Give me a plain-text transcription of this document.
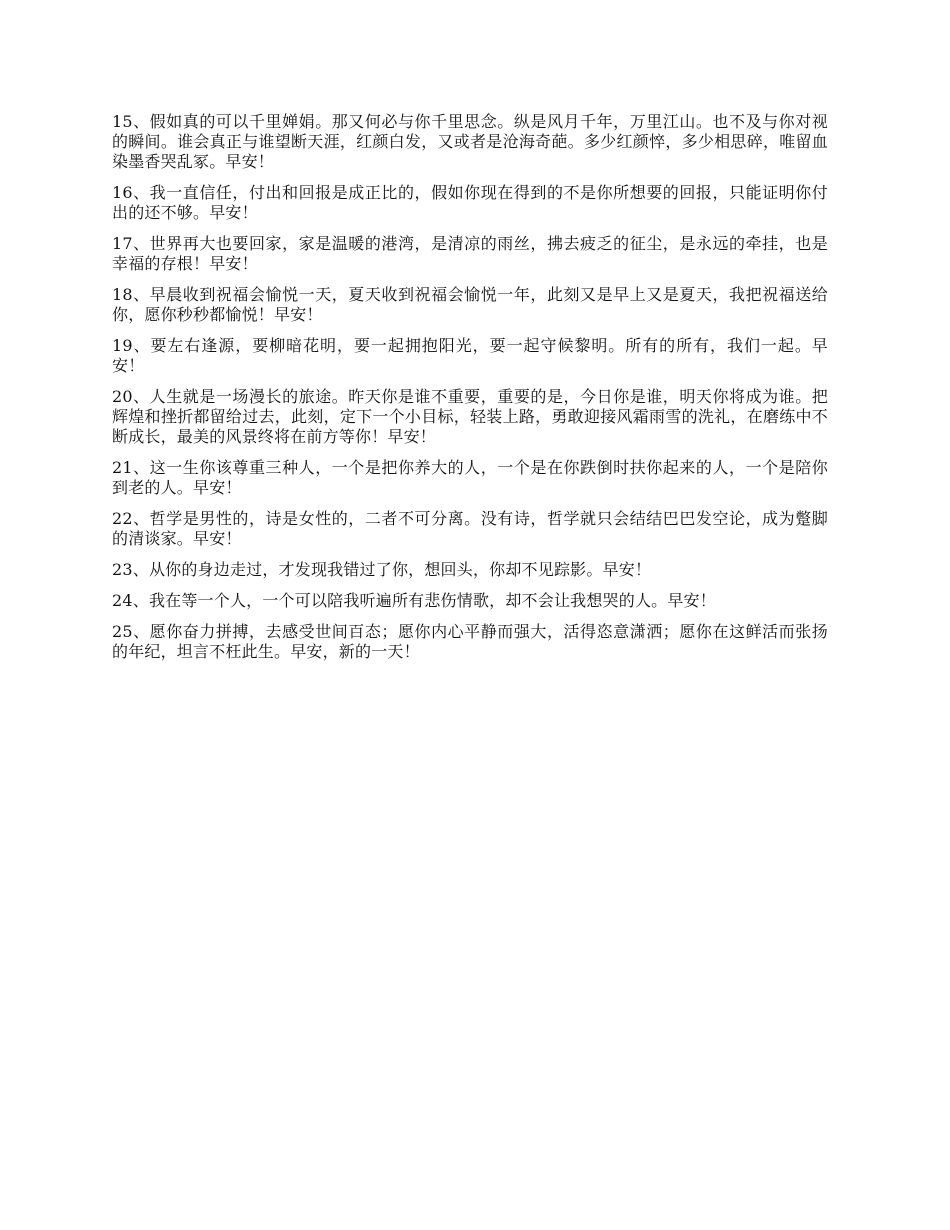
15、假如真的可以千里婵娟。那又何必与你千里思念。纵是风月千年，万里江山。也不及与你对视的瞬间。谁会真正与谁望断天涯，红颜白发，又或者是沧海奇葩。多少红颜悴，多少相思碎，唯留血染墨香哭乱冢。早安！

16、我一直信任，付出和回报是成正比的，假如你现在得到的不是你所想要的回报，只能证明你付出的还不够。早安！

17、世界再大也要回家，家是温暖的港湾，是清凉的雨丝，拂去疲乏的征尘，是永远的牵挂，也是幸福的存根！早安！

18、早晨收到祝福会愉悦一天，夏天收到祝福会愉悦一年，此刻又是早上又是夏天，我把祝福送给你，愿你秒秒都愉悦！早安！

19、要左右逢源，要柳暗花明，要一起拥抱阳光，要一起守候黎明。所有的所有，我们一起。早安！

20、人生就是一场漫长的旅途。昨天你是谁不重要，重要的是，今日你是谁，明天你将成为谁。把辉煌和挫折都留给过去，此刻，定下一个小目标，轻装上路，勇敢迎接风霜雨雪的洗礼，在磨练中不断成长，最美的风景终将在前方等你！早安！

21、这一生你该尊重三种人，一个是把你养大的人，一个是在你跌倒时扶你起来的人，一个是陪你到老的人。早安！

22、哲学是男性的，诗是女性的，二者不可分离。没有诗，哲学就只会结结巴巴发空论，成为蹩脚的清谈家。早安！

23、从你的身边走过，才发现我错过了你，想回头，你却不见踪影。早安！

24、我在等一个人，一个可以陪我听遍所有悲伤情歌，却不会让我想哭的人。早安！

25、愿你奋力拼搏，去感受世间百态；愿你内心平静而强大，活得恣意潇洒；愿你在这鲜活而张扬的年纪，坦言不枉此生。早安，新的一天！
